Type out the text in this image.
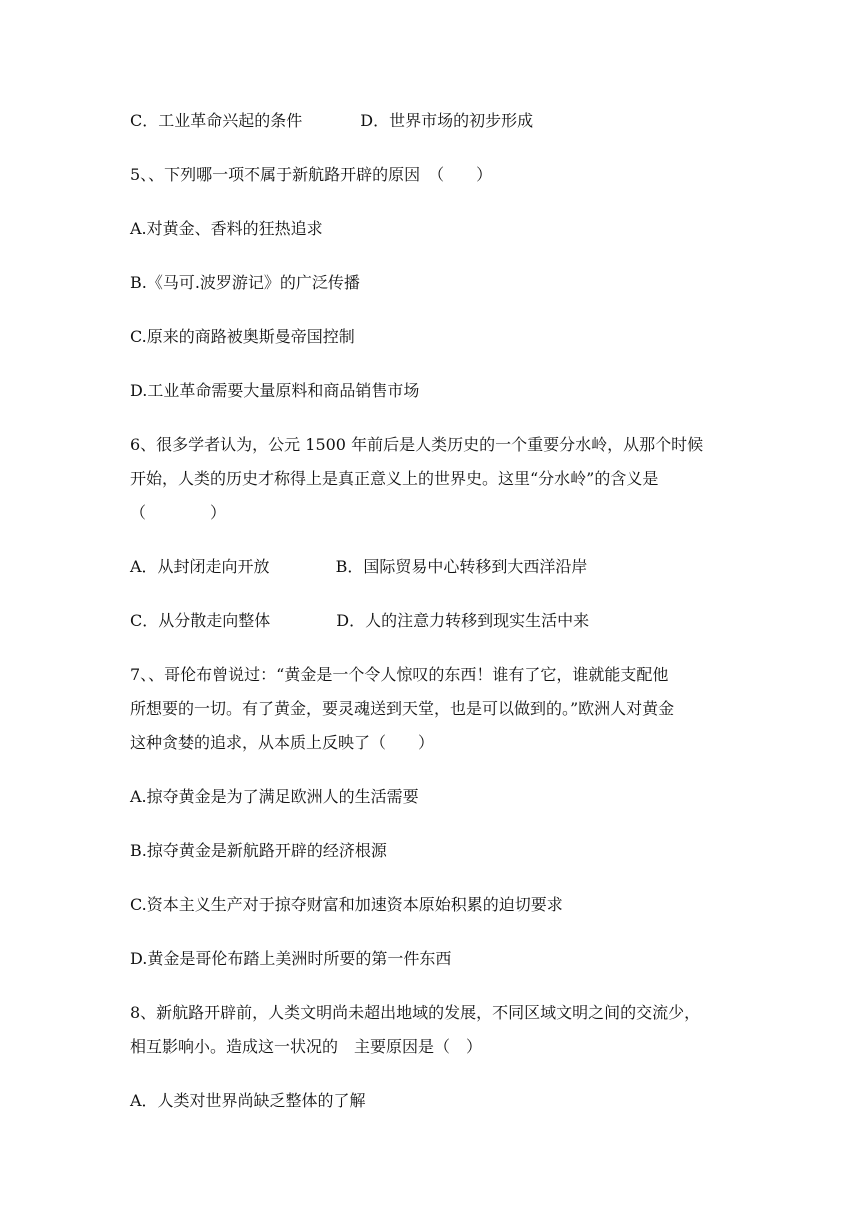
C．工业革命兴起的条件	D．世界市场的初步形成
5、、下列哪一项不属于新航路开辟的原因　（　　）
A.对黄金、香料的狂热追求
B.《马可.波罗游记》的广泛传播
C.原来的商路被奥斯曼帝国控制
D.工业革命需要大量原料和商品销售市场
6、很多学者认为，公元 1500 年前后是人类历史的一个重要分水岭，从那个时候
开始，人类的历史才称得上是真正意义上的世界史。这里“分水岭”的含义是
（　　　　）
A．从封闭走向开放	B．国际贸易中心转移到大西洋沿岸
C．从分散走向整体	D．人的注意力转移到现实生活中来
7、、哥伦布曾说过：“黄金是一个令人惊叹的东西！谁有了它，谁就能支配他
所想要的一切。有了黄金，要灵魂送到天堂，也是可以做到的。”欧洲人对黄金
这种贪婪的追求，从本质上反映了（　　）
A.掠夺黄金是为了满足欧洲人的生活需要
B.掠夺黄金是新航路开辟的经济根源
C.资本主义生产对于掠夺财富和加速资本原始积累的迫切要求
D.黄金是哥伦布踏上美洲时所要的第一件东西
8、新航路开辟前，人类文明尚未超出地域的发展，不同区域文明之间的交流少，
相互影响小。造成这一状况的　主要原因是（　）
A．人类对世界尚缺乏整体的了解
